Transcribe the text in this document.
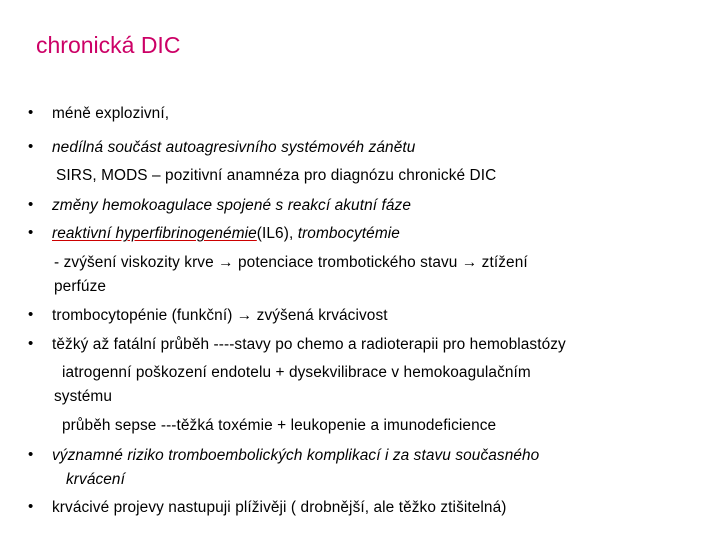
chronická DIC
•
•
•
•
•
•
•
•
méně explozivní,
nedílná součást autoagresivního systémovéh zánětu
SIRS, MODS – pozitivní anamnéza pro diagnózu chronické DIC
změny hemokoagulace spojené s reakcí akutní fáze
reaktivní hyperfibrinogenémie(IL6), trombocytémie
- zvýšení viskozity krve → potenciace trombotického stavu → ztížení
perfúze
trombocytopénie (funkční) → zvýšená krvácivost
těžký až fatální průběh ----stavy po chemo a radioterapii pro hemoblastózy
iatrogenní poškození endotelu + dysekvilibrace v hemokoagulačním
systému
průběh sepse ---těžká toxémie + leukopenie a imunodeficience
významné riziko tromboembolických komplikací i za stavu současného
krvácení
krvácivé projevy nastupuji plíživěji ( drobnější, ale těžko ztišitelná)
